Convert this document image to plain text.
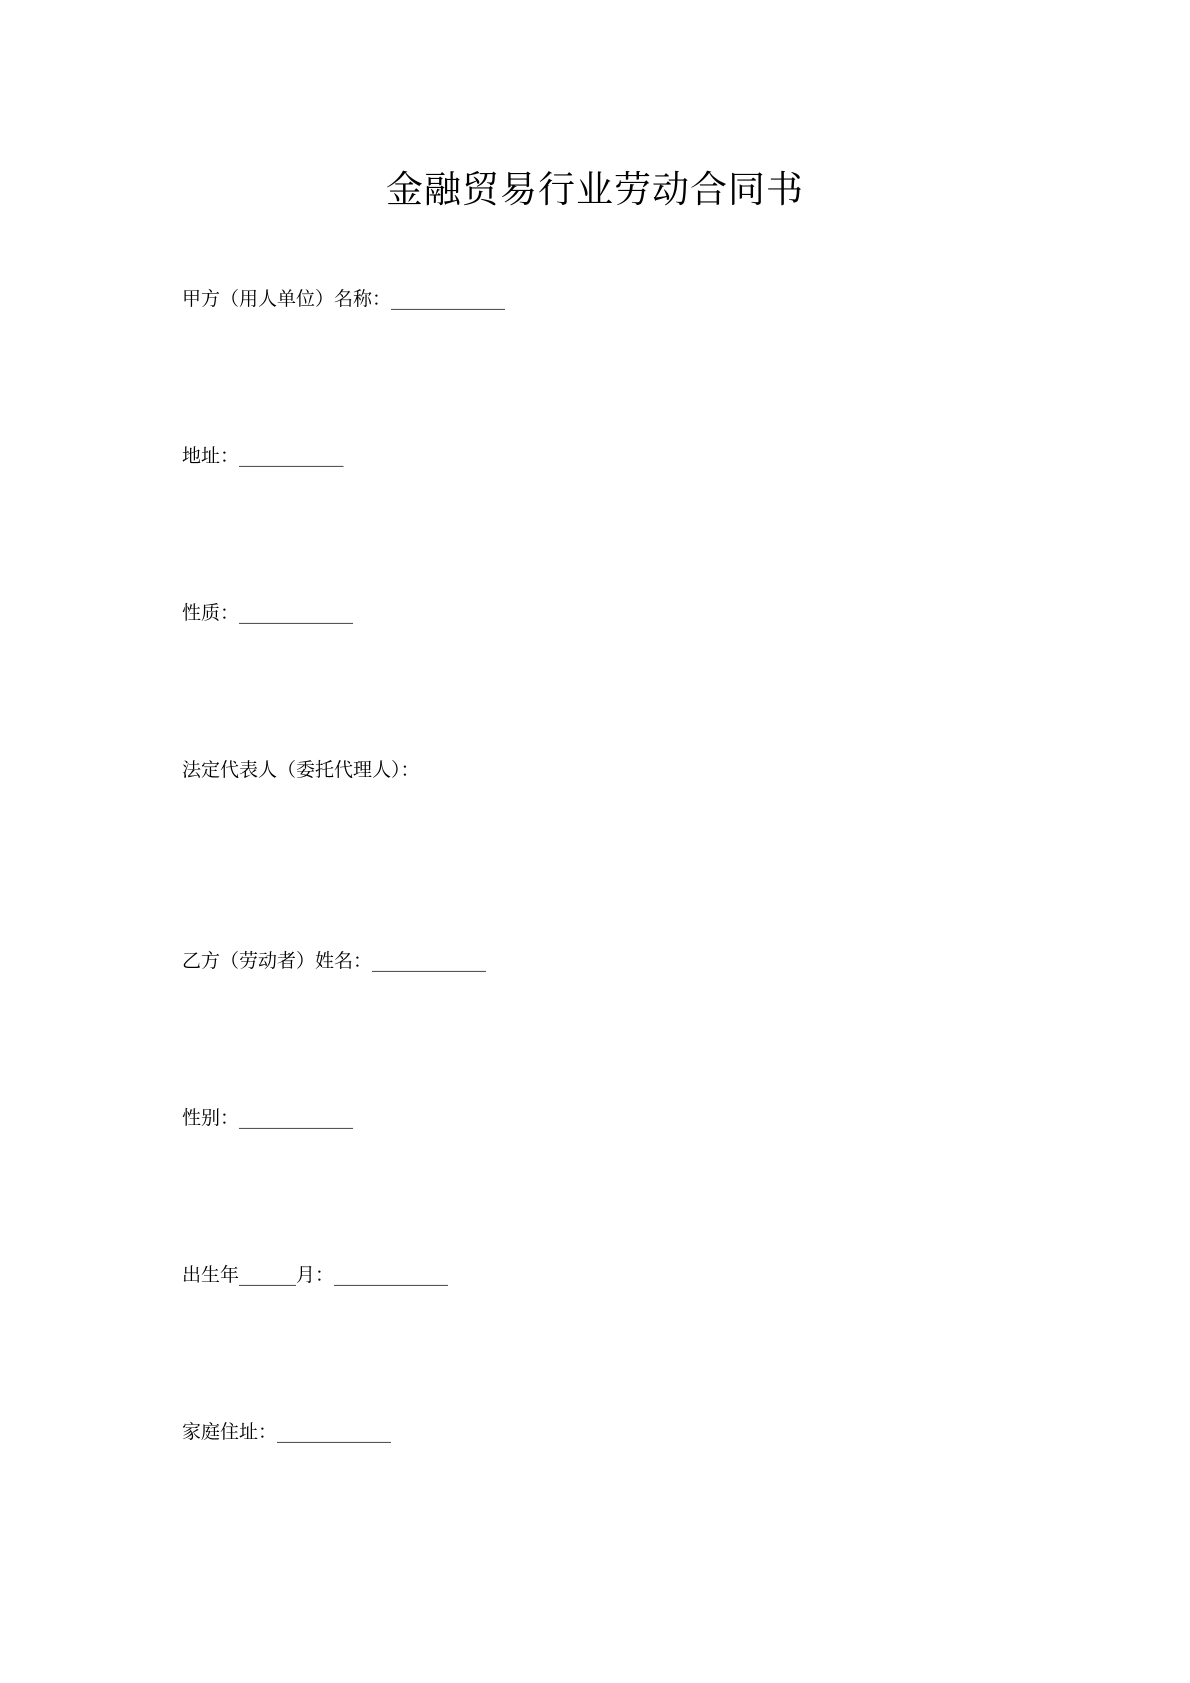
金融贸易行业劳动合同书

甲方（用人单位）名称：____________

地址：___________

性质：____________

法定代表人（委托代理人）：

乙方（劳动者）姓名：____________

性别：____________

出生年______月：____________

家庭住址：____________
